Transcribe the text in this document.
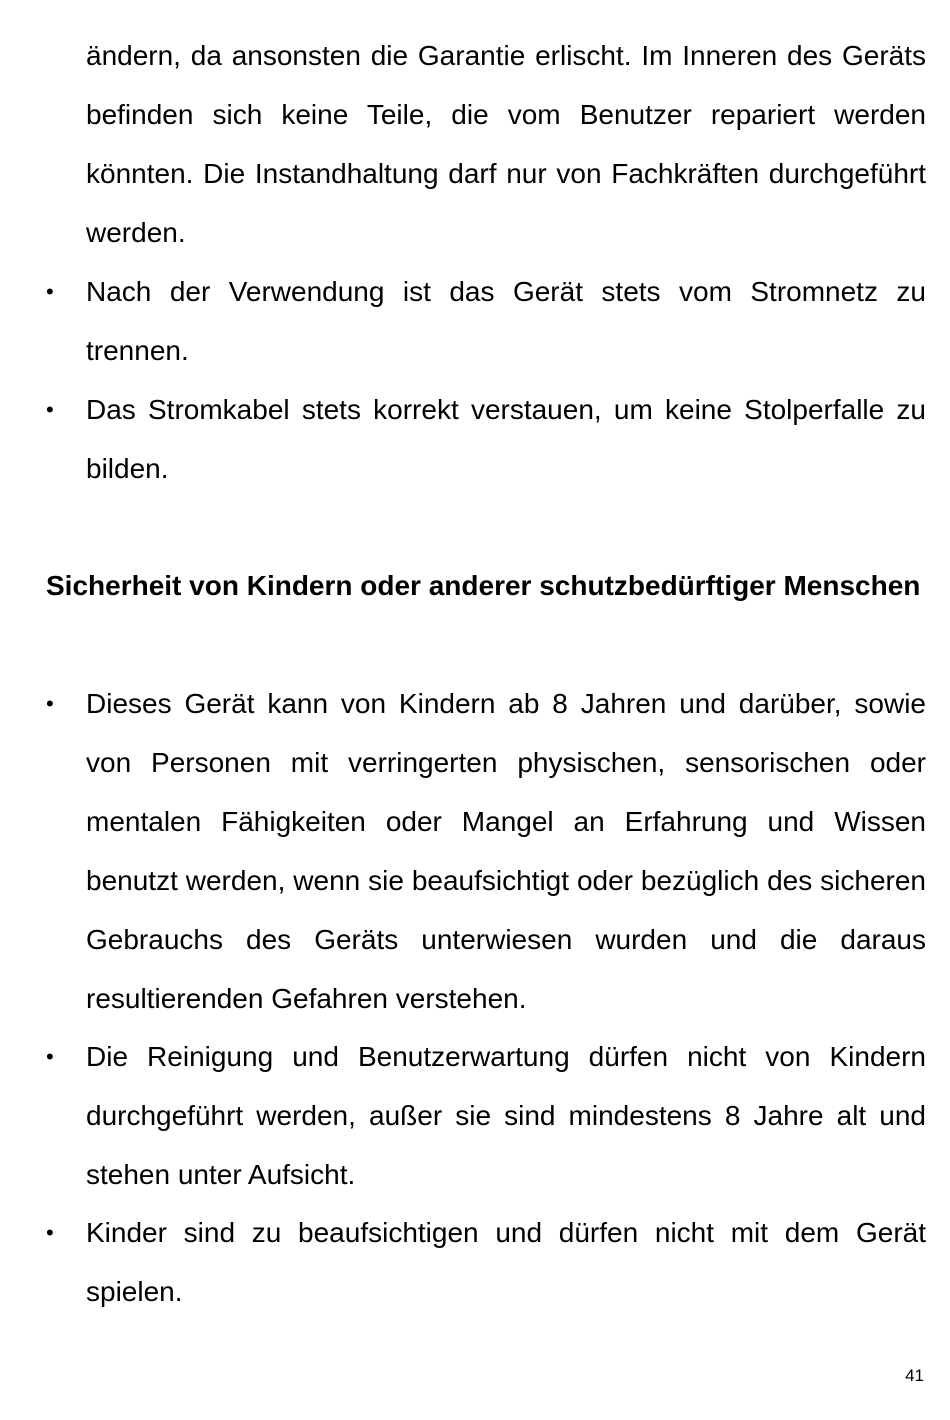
ändern, da ansonsten die Garantie erlischt. Im Inneren des Geräts befinden sich keine Teile, die vom Benutzer repariert werden könnten. Die Instandhaltung darf nur von Fachkräften durchgeführt werden.
•	Nach der Verwendung ist das Gerät stets vom Stromnetz zu trennen.
•	Das Stromkabel stets korrekt verstauen, um keine Stolperfalle zu bilden.
Sicherheit von Kindern oder anderer schutzbedürftiger Menschen
•	Dieses Gerät kann von Kindern ab 8 Jahren und darüber, sowie von Personen mit verringerten physischen, sensorischen oder mentalen Fähigkeiten oder Mangel an Erfahrung und Wissen benutzt werden, wenn sie beaufsichtigt oder bezüglich des sicheren Gebrauchs des Geräts unterwiesen wurden und die daraus resultierenden Gefahren verstehen.
•	Die Reinigung und Benutzerwartung dürfen nicht von Kindern durchgeführt werden, außer sie sind mindestens 8 Jahre alt und stehen unter Aufsicht.
•	Kinder sind zu beaufsichtigen und dürfen nicht mit dem Gerät spielen.
41
